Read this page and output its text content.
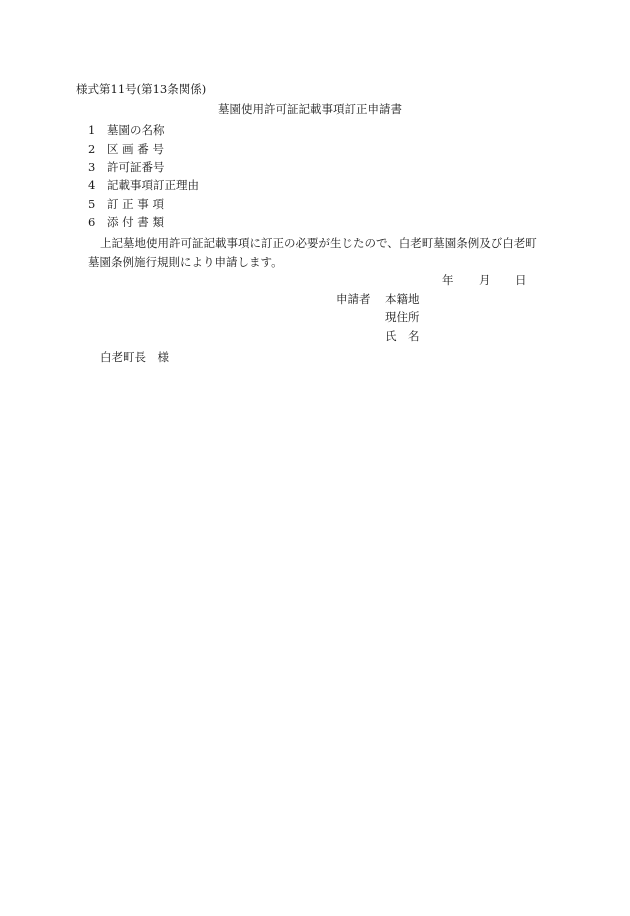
様式第11号(第13条関係)
墓園使用許可証記載事項訂正申請書
1 墓園の名称
2 区 画 番 号
3 許可証番号
4 記載事項訂正理由
5 訂 正 事 項
6 添 付 書 類
上記墓地使用許可証記載事項に訂正の必要が生じたので、白老町墓園条例及び白老町
墓園条例施行規則により申請します。
年 月 日
申請者 本籍地
現住所
氏　名
白老町長　様
